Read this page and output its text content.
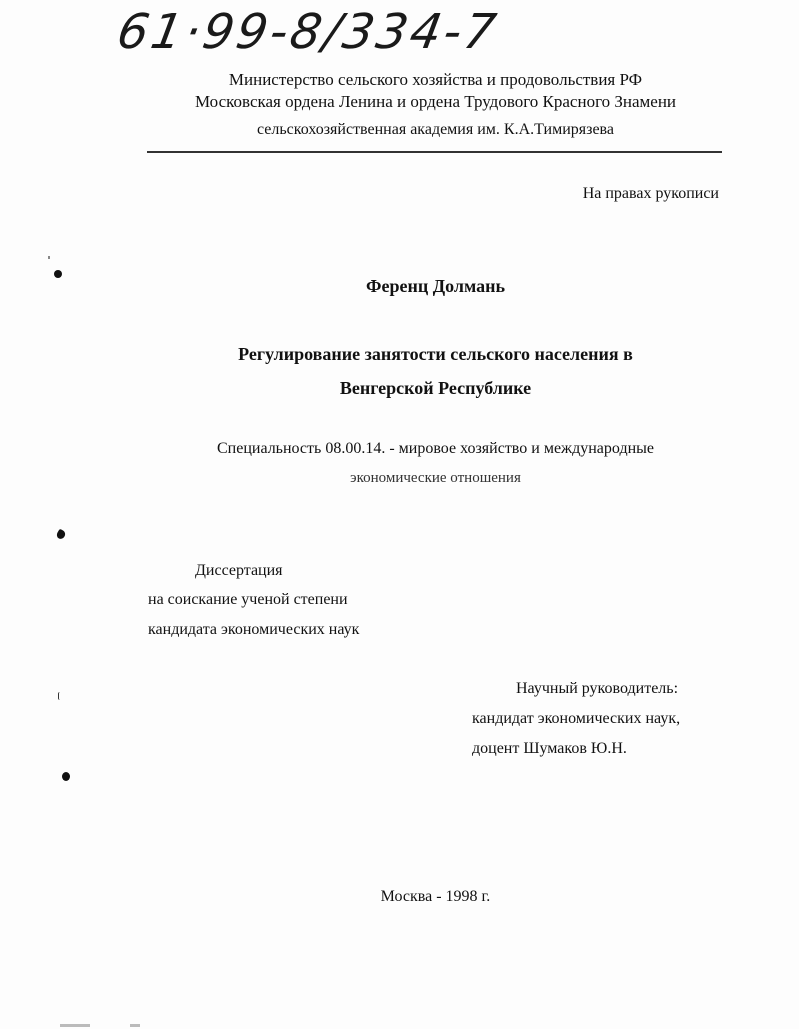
61·99-8/334-7
Министерство сельского хозяйства и продовольствия РФ
Московская ордена Ленина и ордена Трудового Красного Знамени
сельскохозяйственная академия им. К.А.Тимирязева
На правах рукописи
Ференц Долмань
Регулирование занятости сельского населения в
Венгерской Республике
Специальность 08.00.14. - мировое хозяйство и международные
экономические отношения
Диссертация
на соискание ученой степени
кандидата экономических наук
Научный руководитель:
кандидат экономических наук,
доцент Шумаков Ю.Н.
Москва - 1998 г.
